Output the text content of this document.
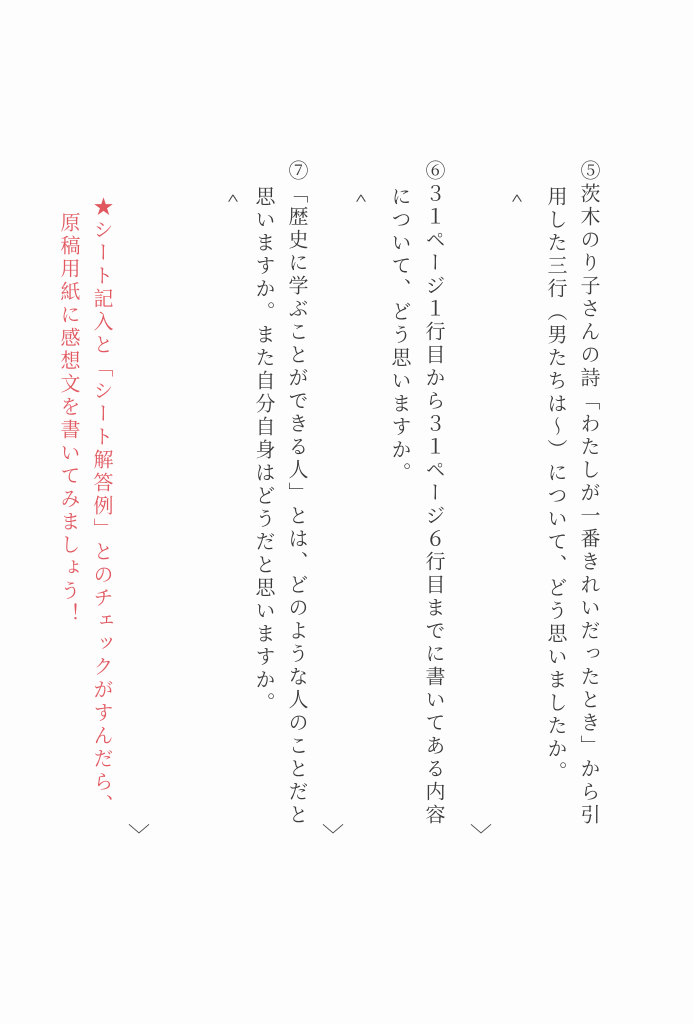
⑤茨木のり子さんの詩「わたしが一番きれいだったとき」から引
用した三行（男たちは～）について、どう思いましたか。
＾
﹀
⑥３１ページ１行目から３１ページ６行目までに書いてある内容
について、どう思いますか。
＾
﹀
⑦「歴史に学ぶことができる人」とは、どのような人のことだと
思いますか。また自分自身はどうだと思いますか。
＾
★シート記入と「シート解答例」とのチェックがすんだら、
原稿用紙に感想文を書いてみましょう！
﹀
